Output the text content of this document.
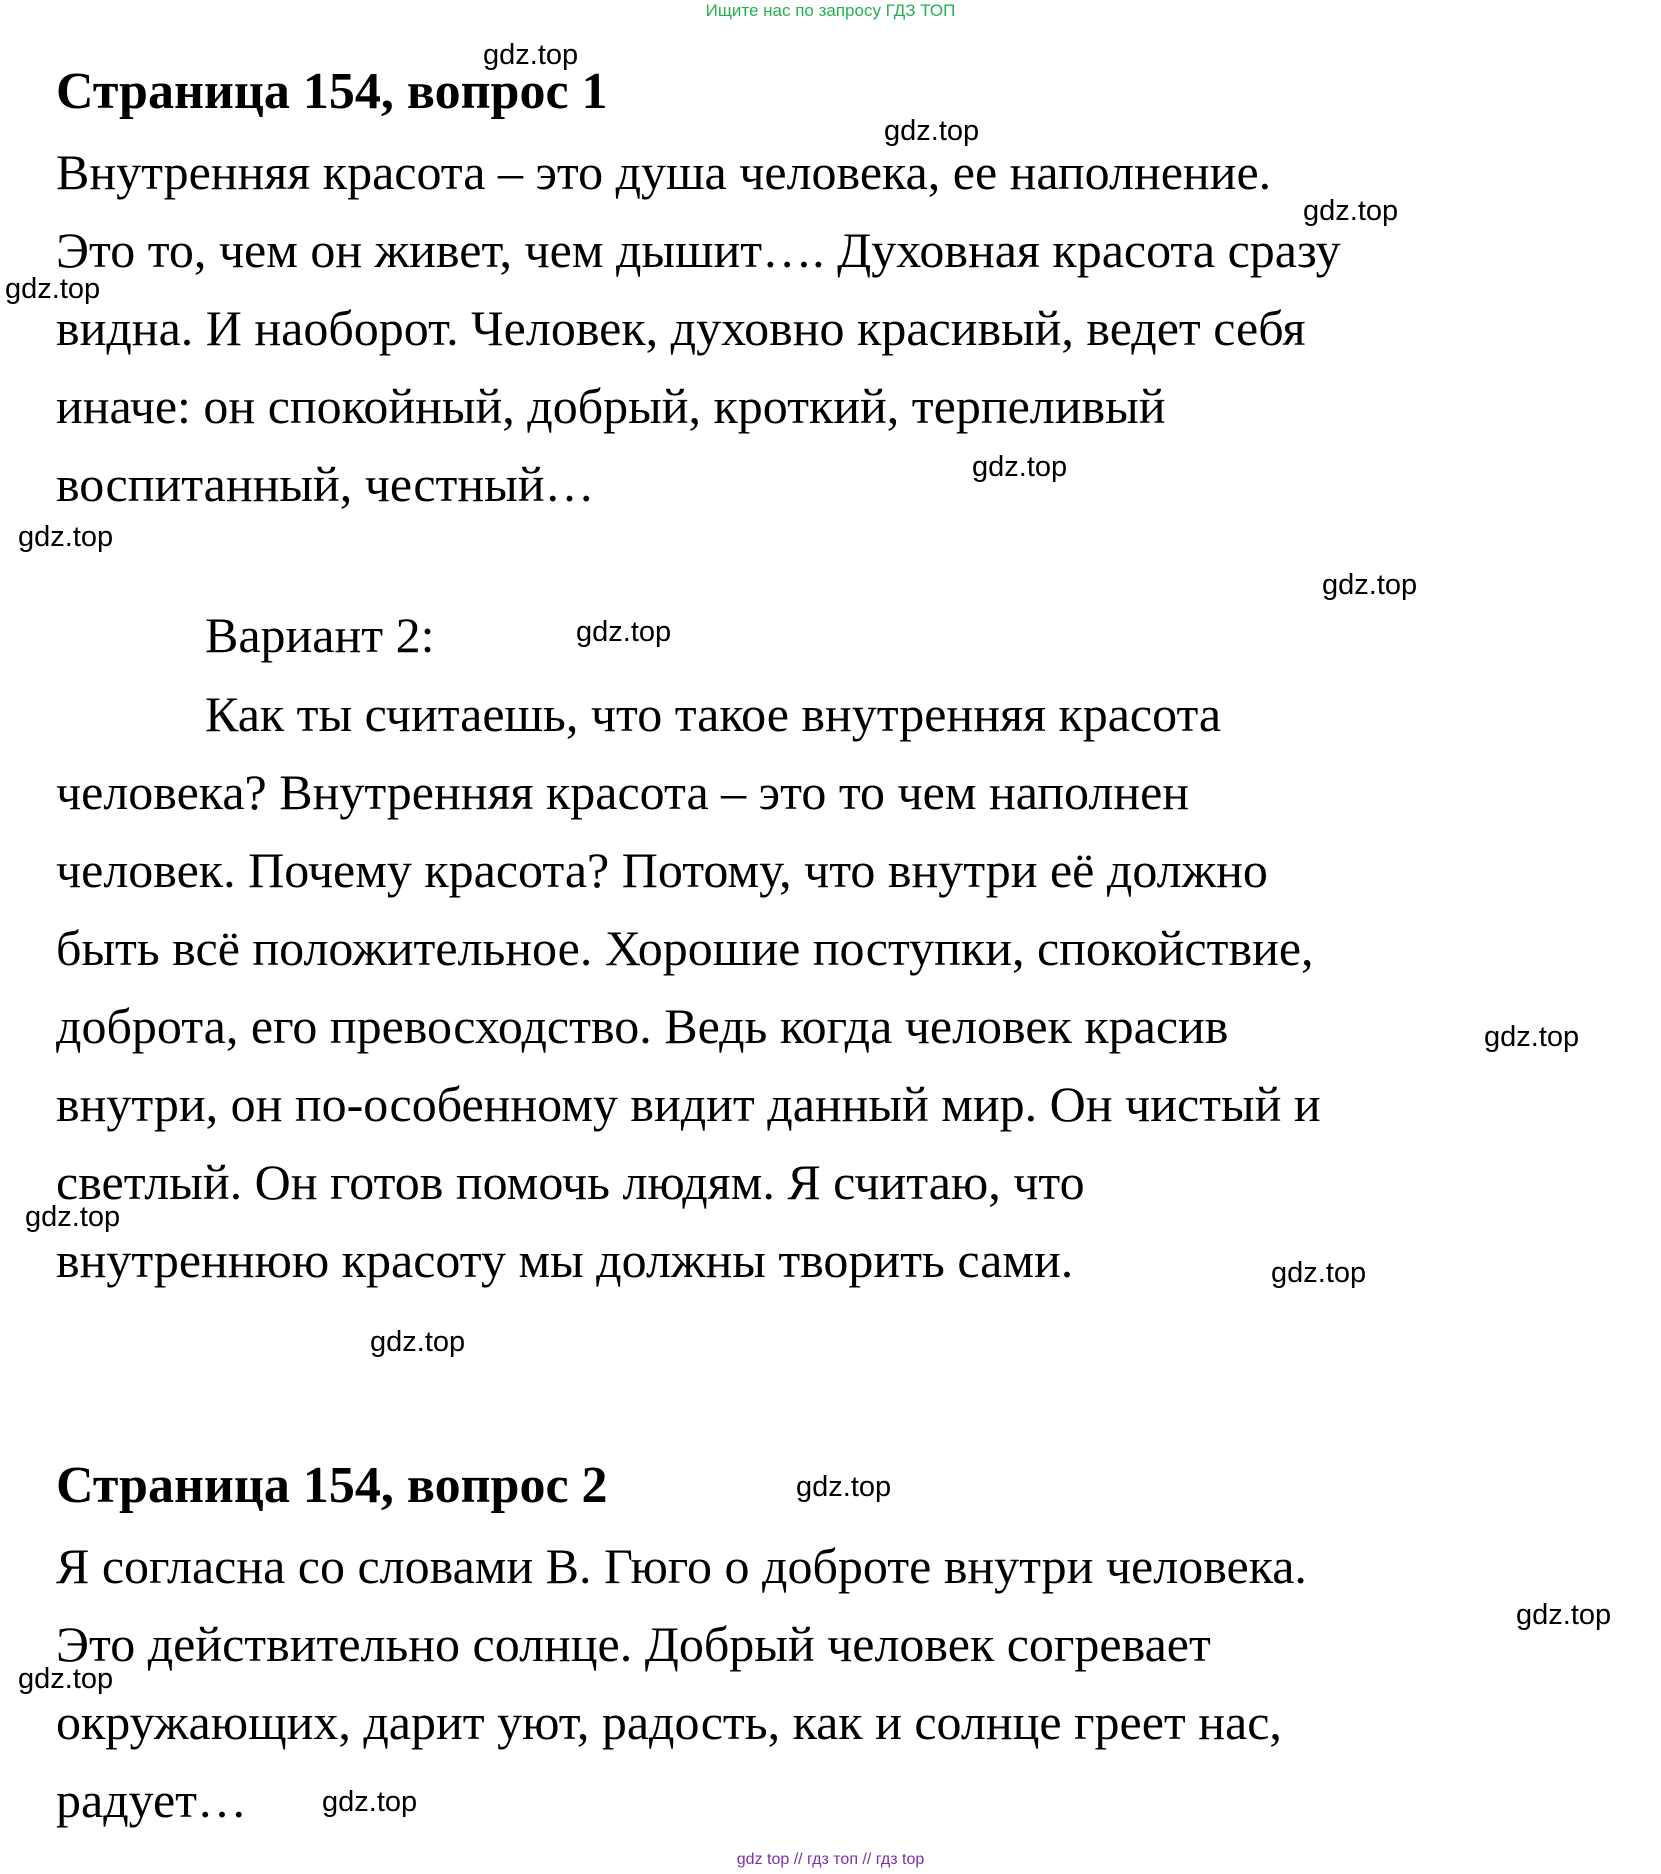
Ищите нас по запросу ГДЗ ТОП
Страница 154, вопрос 1

Внутренняя красота – это душа человека, ее наполнение.

Это то, чем он живет, чем дышит…. Духовная красота сразу

видна. И наоборот. Человек, духовно красивый, ведет себя

иначе: он спокойный, добрый, кроткий, терпеливый

воспитанный, честный…

Вариант 2:

Как ты считаешь, что такое внутренняя красота

человека? Внутренняя красота – это то чем наполнен

человек. Почему красота? Потому, что внутри её должно

быть всё положительное. Хорошие поступки, спокойствие,

доброта, его превосходство. Ведь когда человек красив

внутри, он по-особенному видит данный мир. Он чистый и

светлый. Он готов помочь людям. Я считаю, что

внутреннюю красоту мы должны творить сами.

Страница 154, вопрос 2

Я согласна со словами В. Гюго о доброте внутри человека.

Это действительно солнце. Добрый человек согревает

окружающих, дарит уют, радость, как и солнце греет нас,

радует…

gdz.top
gdz.top
gdz.top
gdz.top
gdz.top
gdz.top
gdz.top
gdz.top
gdz.top
gdz.top
gdz.top
gdz.top
gdz.top
gdz.top
gdz.top
gdz.top
gdz top // гдз топ // гдз top
